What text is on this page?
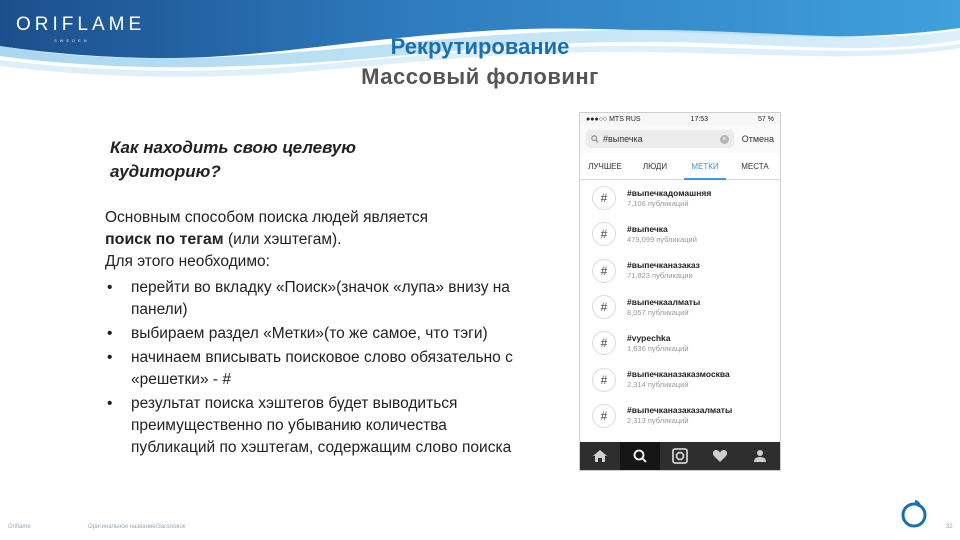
ORIFLAME
SWEDEN	Рекрутирование
Массовый фоловинг
Как находить свою целевую аудиторию?

Основным способом поиска людей является

поиск по тегам (или хэштегам).

Для этого необходимо:

• перейти во вкладку «Поиск»(значок «лупа» внизу на панели)
• выбираем раздел «Метки»(то же самое, что тэги)
• начинаем вписывать поисковое слово обязательно с «решетки» - #
• результат поиска хэштегов будет выводиться преимущественно по убыванию количества публикаций по хэштегам, содержащим слово поиска
●●●○○ MTS RUS	17:53	57 %
#выпечка	× Отмена
ЛУЧШЕЕ	ЛЮДИ	МЕТКИ	МЕСТА
#	#выпечкадомашняя
7,106 публикаций
#	#выпечка
479,099 публикаций
#	#выпечканазаказ
71,823 публикации
#	#выпечкаалматы
8,057 публикаций
#	#vypechka
1,636 публикаций
#	#выпечканазаказмосква
2,314 публикаций
#	#выпечканазаказалматы
2,313 публикаций
Oriflame	Оригинальное название/Заголовок	32
